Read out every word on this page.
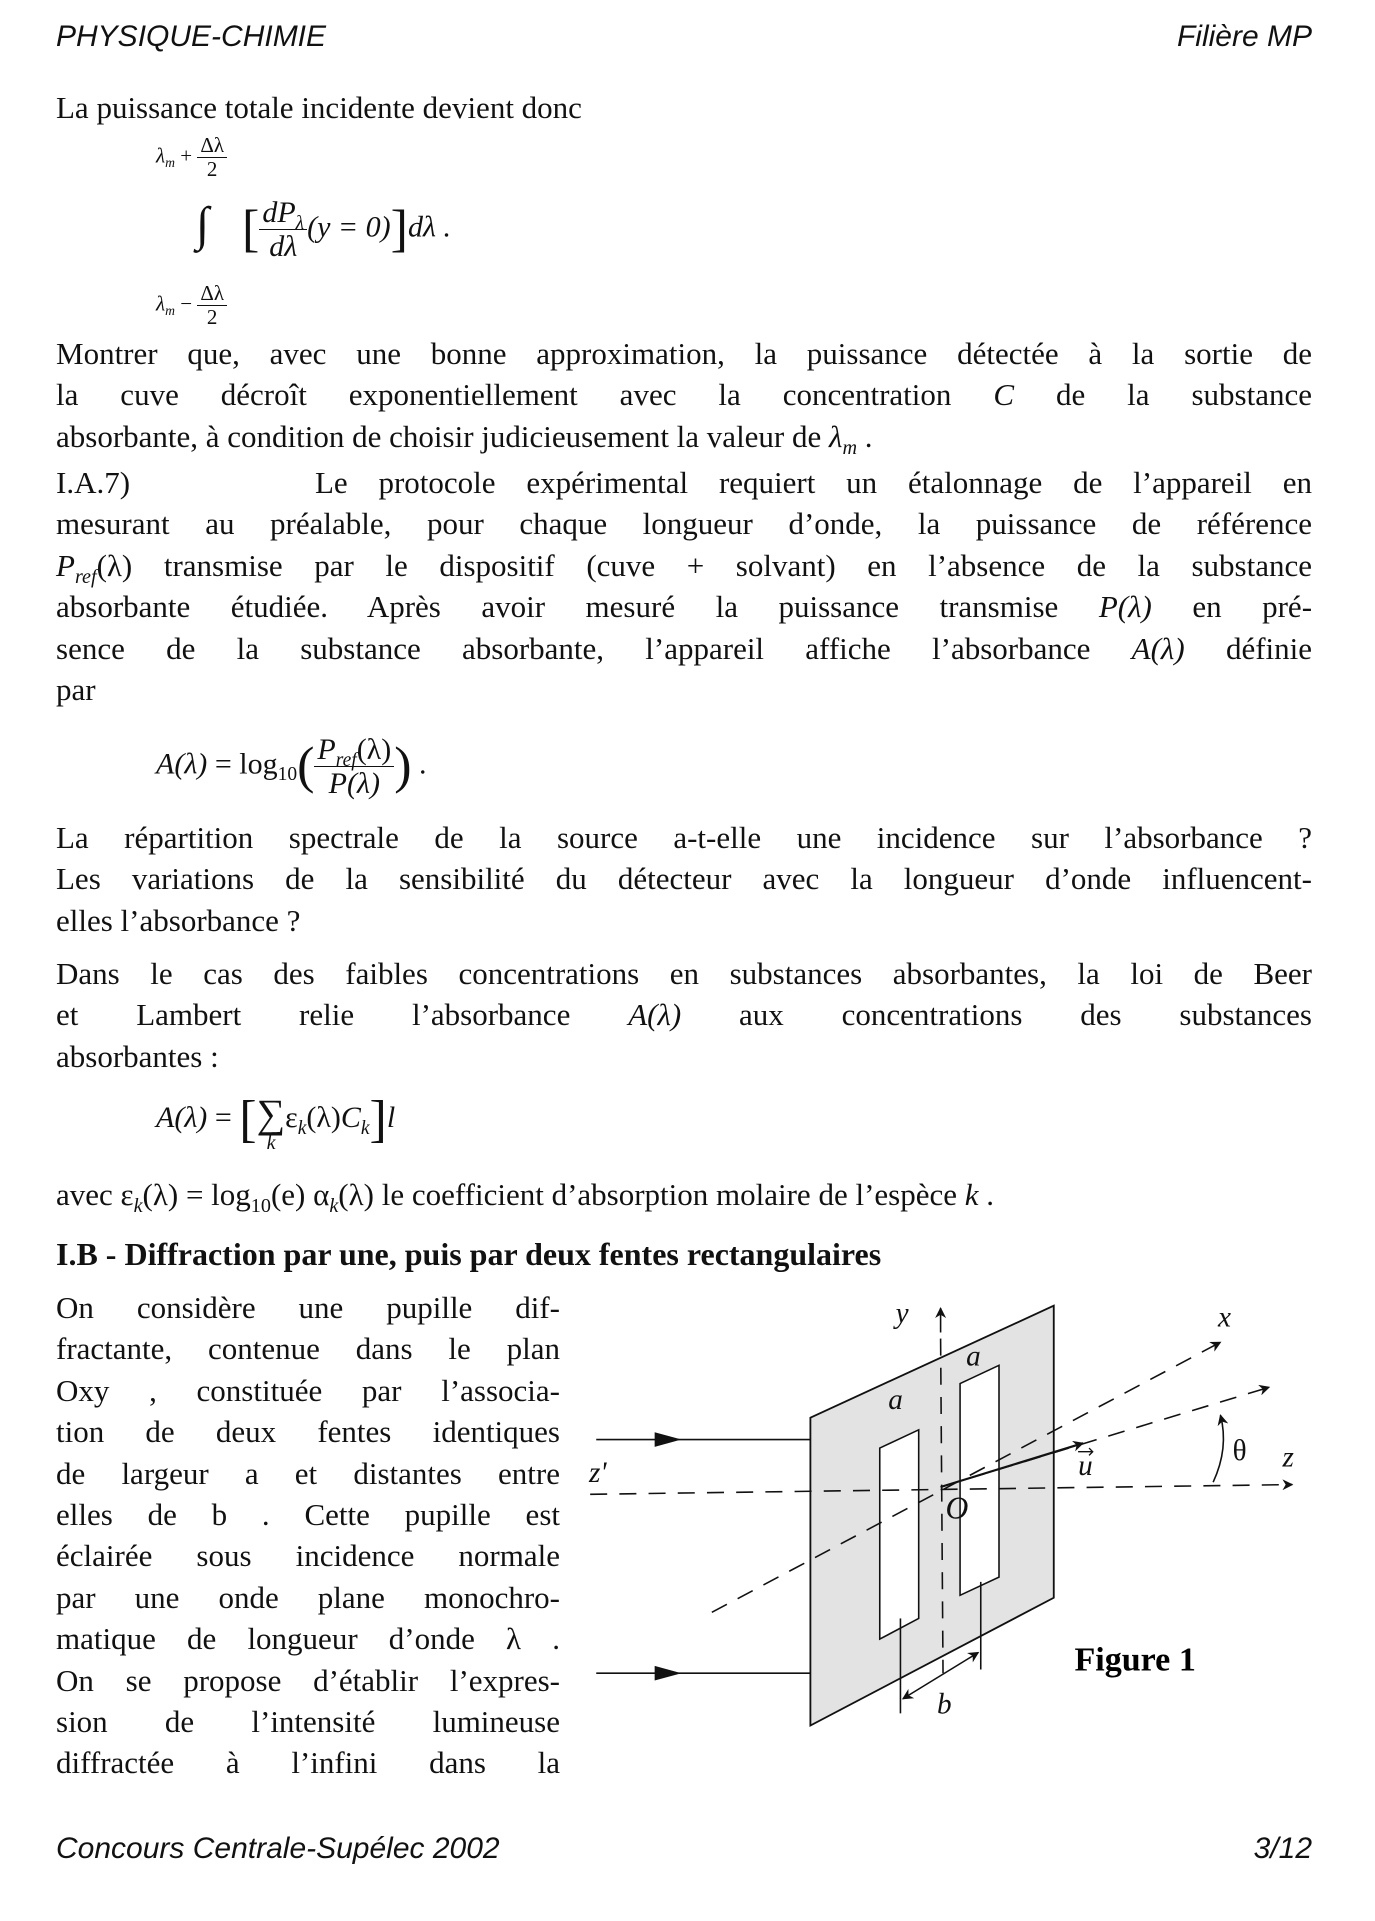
PHYSIQUE-CHIMIE	Filière MP
La puissance totale incidente devient donc
$\lambda_m + \frac{\Delta\lambda}{2}$
∫ [ $\frac{dP_\lambda}{d\lambda} (y = 0)]d\lambda$ .
$\lambda_m - \frac{\Delta\lambda}{2}$
Montrer que, avec une bonne approximation, la puissance détectée à la sortie de
la cuve décroît exponentiellement avec la concentration C de la substance
absorbante, à condition de choisir judicieusement la valeur de $\lambda_m$ .
I.A.7)      Le protocole expérimental requiert un étalonnage de l’appareil en
mesurant au préalable, pour chaque longueur d’onde, la puissance de référence
$P_{ref}(\lambda)$ transmise par le dispositif (cuve + solvant) en l’absence de la substance
absorbante étudiée. Après avoir mesuré la puissance transmise P(λ) en pré-
sence de la substance absorbante, l’appareil affiche l’absorbance A(λ) définie
par
$A(\lambda) = \log_{10}( \frac{P_{ref}(\lambda)}{P(\lambda)}$ ) .
La répartition spectrale de la source a-t-elle une incidence sur l’absorbance ?
Les variations de la sensibilité du détecteur avec la longueur d’onde influencent-
elles l’absorbance ?
Dans le cas des faibles concentrations en substances absorbantes, la loi de Beer
et Lambert relie l’absorbance A(λ) aux concentrations des substances
absorbantes :
A(λ) = [∑
k
$\varepsilon_k(\lambda)C_k]l$
avec $\varepsilon_k(\lambda) = \log_{10}(e)$ $\alpha_k(\lambda)$ le coefficient d’absorption molaire de l’espèce k .
I.B - Diffraction par une, puis par deux fentes rectangulaires
On considère une pupille dif-
fractante, contenue dans le plan
Oxy , constituée par l’associa-
tion de deux fentes identiques
de largeur a et distantes entre
elles de b . Cette pupille est
éclairée sous incidence normale
par une onde plane monochro-
matique de longueur d’onde λ .
On se propose d’établir l’expres-
sion de l’intensité lumineuse
diffractée à l’infini dans la
y	x
z
z'
O
u	θ
a
a
b
Figure 1
Concours Centrale-Supélec 2002	3/12
